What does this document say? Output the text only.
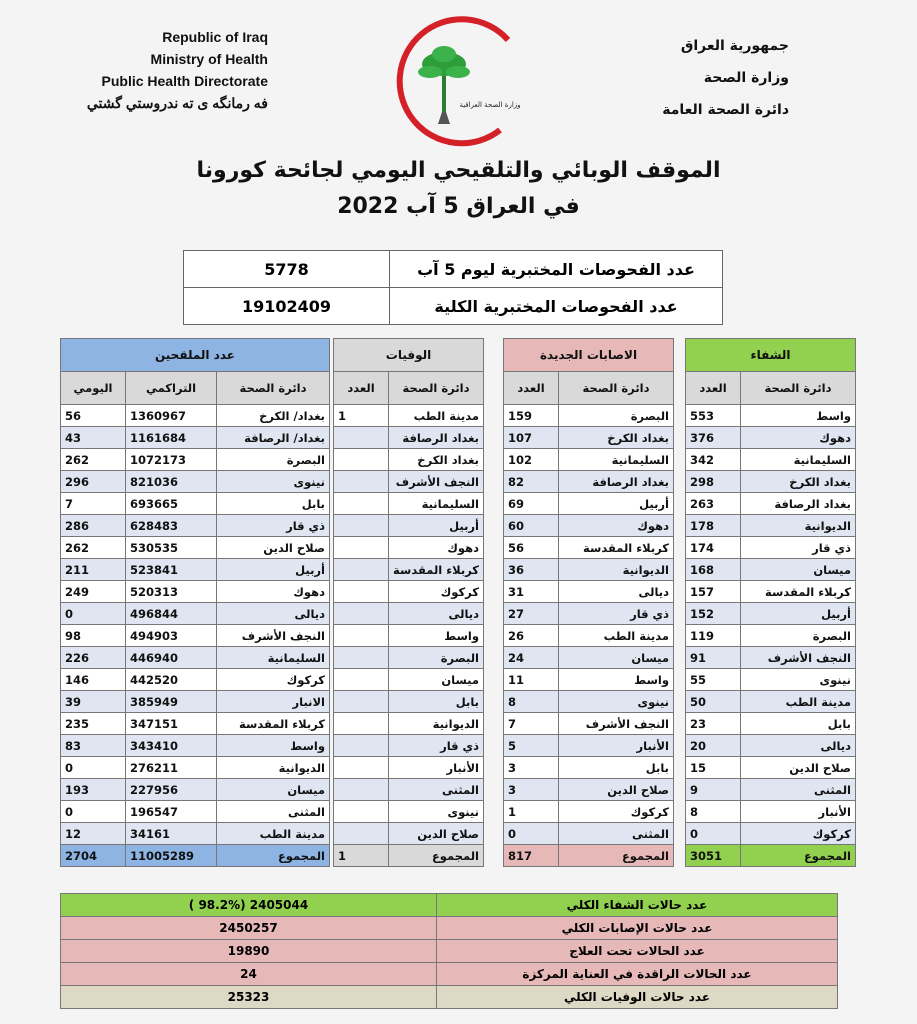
Republic of Iraq
Ministry of Health
Public Health Directorate
فه رمانگه ى ته ندروستي گشتي	وزارة الصحة العراقية
جمهورية العراق
وزارة الصحة
دائرة الصحة العامة
الموقف الوبائي والتلقيحي اليومي لجائحة كورونا
في العراق 5 آب 2022
5778	عدد الفحوصات المختبرية ليوم 5 آب
19102409	عدد الفحوصات المختبرية الكلية
عدد الملقحين		
اليومي	التراكمي	دائرة الصحة
56	1360967	بغداد/ الكرخ
43	1161684	بغداد/ الرصافة
262	1072173	البصرة
296	821036	نينوى
7	693665	بابل
286	628483	ذي قار
262	530535	صلاح الدين
211	523841	أربيل
249	520313	دهوك
0	496844	ديالى
98	494903	النجف الأشرف
226	446940	السليمانية
146	442520	كركوك
39	385949	الانبار
235	347151	كربلاء المقدسة
83	343410	واسط
0	276211	الديوانية
193	227956	ميسان
0	196547	المثنى
12	34161	مدينة الطب
2704	11005289	المجموع
الوفيات	
العدد	دائرة الصحة
1	مدينة الطب
	بغداد الرصافة
	بغداد الكرخ
	النجف الأشرف
	السليمانية
	أربيل
	دهوك
	كربلاء المقدسة
	كركوك
	ديالى
	واسط
	البصرة
	ميسان
	بابل
	الديوانية
	ذي قار
	الأنبار
	المثنى
	نينوى
	صلاح الدين
1	المجموع
الاصابات الجديدة	
العدد	دائرة الصحة
159	البصرة
107	بغداد الكرخ
102	السليمانية
82	بغداد الرصافة
69	أربيل
60	دهوك
56	كربلاء المقدسة
36	الديوانية
31	ديالى
27	ذي قار
26	مدينة الطب
24	ميسان
11	واسط
8	نينوى
7	النجف الأشرف
5	الأنبار
3	بابل
3	صلاح الدين
1	كركوك
0	المثنى
817	المجموع
الشفاء	
العدد	دائرة الصحة
553	واسط
376	دهوك
342	السليمانية
298	بغداد الكرخ
263	بغداد الرصافة
178	الديوانية
174	ذي قار
168	ميسان
157	كربلاء المقدسة
152	أربيل
119	البصرة
91	النجف الأشرف
55	نينوى
50	مدينة الطب
23	بابل
20	ديالى
15	صلاح الدين
9	المثنى
8	الأنبار
0	كركوك
3051	المجموع
( 98.2%) 2405044	عدد حالات الشفاء الكلي
2450257	عدد حالات الإصابات الكلي
19890	عدد الحالات تحت العلاج
24	عدد الحالات الراقدة في العناية المركزة
25323	عدد حالات الوفيات الكلي
